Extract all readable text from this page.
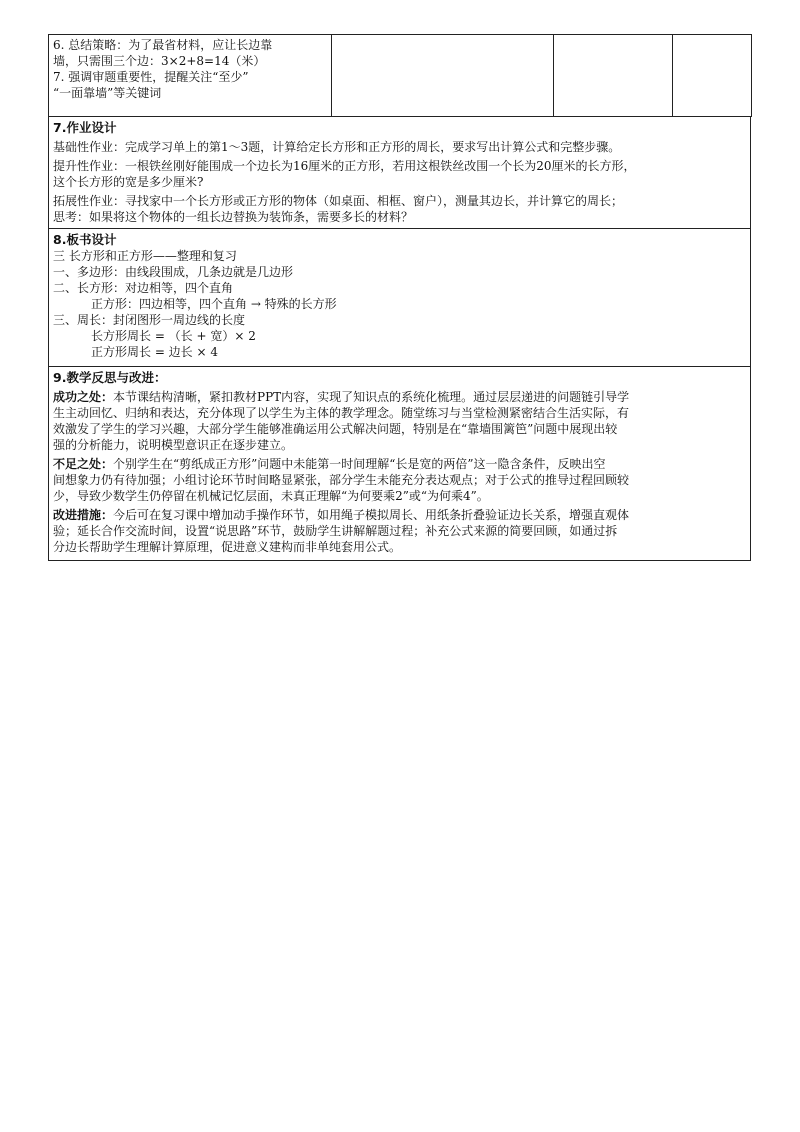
6. 总结策略：为了最省材料，应让长边靠

墙，只需围三个边：3×2+8=14（米）

7. 强调审题重要性，提醒关注“至少”

“一面靠墙”等关键词

7.作业设计

基础性作业：完成学习单上的第1～3题，计算给定长方形和正方形的周长，要求写出计算公式和完整步骤。

提升性作业：一根铁丝刚好能围成一个边长为16厘米的正方形，若用这根铁丝改围一个长为20厘米的长方形，

这个长方形的宽是多少厘米?

拓展性作业：寻找家中一个长方形或正方形的物体（如桌面、相框、窗户），测量其边长，并计算它的周长；

思考：如果将这个物体的一组长边替换为装饰条，需要多长的材料？

8.板书设计

三 长方形和正方形——整理和复习

一、多边形：由线段围成，几条边就是几边形

二、长方形：对边相等，四个直角

正方形：四边相等，四个直角 → 特殊的长方形

三、周长：封闭图形一周边线的长度

长方形周长 = （长 + 宽）× 2

正方形周长 = 边长 × 4

9.教学反思与改进：

成功之处：本节课结构清晰，紧扣教材PPT内容，实现了知识点的系统化梳理。通过层层递进的问题链引导学

生主动回忆、归纳和表达，充分体现了以学生为主体的教学理念。随堂练习与当堂检测紧密结合生活实际，有

效激发了学生的学习兴趣，大部分学生能够准确运用公式解决问题，特别是在“靠墙围篱笆”问题中展现出较

强的分析能力，说明模型意识正在逐步建立。

不足之处：个别学生在“剪纸成正方形”问题中未能第一时间理解“长是宽的两倍”这一隐含条件，反映出空

间想象力仍有待加强；小组讨论环节时间略显紧张，部分学生未能充分表达观点；对于公式的推导过程回顾较

少，导致少数学生仍停留在机械记忆层面，未真正理解“为何要乘2”或“为何乘4”。

改进措施：今后可在复习课中增加动手操作环节，如用绳子模拟周长、用纸条折叠验证边长关系，增强直观体

验；延长合作交流时间，设置“说思路”环节，鼓励学生讲解解题过程；补充公式来源的简要回顾，如通过拆

分边长帮助学生理解计算原理，促进意义建构而非单纯套用公式。
